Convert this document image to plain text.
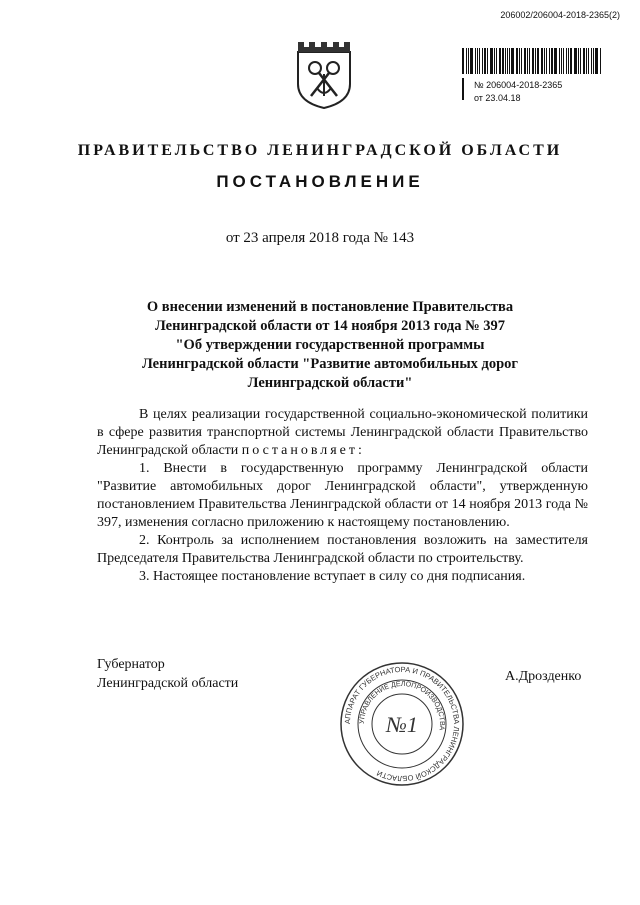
206002/206004-2018-2365(2)
№ 206004-2018-2365
от 23.04.18
ПРАВИТЕЛЬСТВО ЛЕНИНГРАДСКОЙ ОБЛАСТИ
ПОСТАНОВЛЕНИЕ
от 23 апреля 2018 года № 143
О внесении изменений в постановление Правительства
Ленинградской области от 14 ноября 2013 года № 397
"Об утверждении государственной программы
Ленинградской области "Развитие автомобильных дорог
Ленинградской области"

В целях реализации государственной социально-экономической политики в сфере развития транспортной системы Ленинградской области Правительство Ленинградской области постановляет:

1. Внести в государственную программу Ленинградской области "Развитие автомобильных дорог Ленинградской области", утвержденную постановлением Правительства Ленинградской области от 14 ноября 2013 года № 397, изменения согласно приложению к настоящему постановлению.

2. Контроль за исполнением постановления возложить на заместителя Председателя Правительства Ленинградской области по строительству.

3. Настоящее постановление вступает в силу со дня подписания.

Губернатор
Ленинградской области	А.Дрозденко
АППАРАТ ГУБЕРНАТОРА И ПРАВИТЕЛЬСТВА ЛЕНИНГРАДСКОЙ ОБЛАСТИ
УПРАВЛЕНИЕ ДЕЛОПРОИЗВОДСТВА
№1
